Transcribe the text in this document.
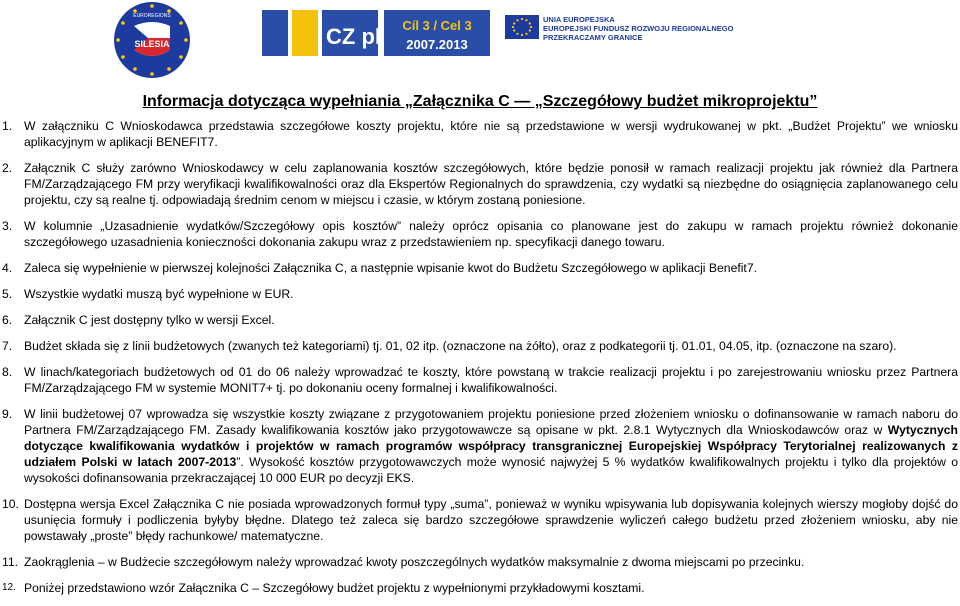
EUROREGIONS
SILESIA	CZ pl Cíl 3 / Cel 3
2007.2013
UNIA EUROPEJSKA
EUROPEJSKI FUNDUSZ ROZWOJU REGIONALNEGO
PRZEKRACZAMY GRANICE
Informacja dotycząca wypełniania „Załącznika C — „Szczegółowy budżet mikroprojektu”
1. W załączniku C Wnioskodawca przedstawia szczegółowe koszty projektu, które nie są przedstawione w wersji wydrukowanej w pkt. „Budżet Projektu” we wniosku aplikacyjnym w aplikacji BENEFIT7.
2. Załącznik C służy zarówno Wnioskodawcy w celu zaplanowania kosztów szczegółowych, które będzie ponosił w ramach realizacji projektu jak również dla Partnera FM/Zarządzającego FM przy weryfikacji kwalifikowalności oraz dla Ekspertów Regionalnych do sprawdzenia, czy wydatki są niezbędne do osiągnięcia zaplanowanego celu projektu, czy są realne tj. odpowiadają średnim cenom w miejscu i czasie, w którym zostaną poniesione.
3. W kolumnie „Uzasadnienie wydatków/Szczegółowy opis kosztów” należy oprócz opisania co planowane jest do zakupu w ramach projektu również dokonanie szczegółowego uzasadnienia konieczności dokonania zakupu wraz z przedstawieniem np. specyfikacji danego towaru.
4. Zaleca się wypełnienie w pierwszej kolejności Załącznika C, a następnie wpisanie kwot do Budżetu Szczegółowego w aplikacji Benefit7.
5. Wszystkie wydatki muszą być wypełnione w EUR.
6. Załącznik C jest dostępny tylko w wersji Excel.
7. Budżet składa się z linii budżetowych (zwanych też kategoriami) tj. 01, 02 itp. (oznaczone na żółto), oraz z podkategorii tj. 01.01, 04.05, itp. (oznaczone na szaro).
8. W linach/kategoriach budżetowych od 01 do 06 należy wprowadzać te koszty, które powstaną w trakcie realizacji projektu i po zarejestrowaniu wniosku przez Partnera FM/Zarządzającego FM w systemie MONIT7+ tj. po dokonaniu oceny formalnej i kwalifikowalności.
9. W linii budżetowej 07 wprowadza się wszystkie koszty związane z przygotowaniem projektu poniesione przed złożeniem wniosku o dofinansowanie w ramach naboru do Partnera FM/Zarządzającego FM. Zasady kwalifikowania kosztów jako przygotowawcze są opisane w pkt. 2.8.1 Wytycznych dla Wnioskodawców oraz w Wytycznych dotyczące kwalifikowania wydatków i projektów w ramach programów współpracy transgranicznej Europejskiej Współpracy Terytorialnej realizowanych z udziałem Polski w latach 2007-2013”. Wysokość kosztów przygotowawczych może wynosić najwyżej 5 % wydatków kwalifikowalnych projektu i tylko dla projektów o wysokości dofinansowania przekraczającej 10 000 EUR po decyzji EKS.
10. Dostępna wersja Excel Załącznika C nie posiada wprowadzonych formuł typy „suma”, ponieważ w wyniku wpisywania lub dopisywania kolejnych wierszy mogłoby dojść do usunięcia formuły i podliczenia byłyby błędne. Dlatego też zaleca się bardzo szczegółowe sprawdzenie wyliczeń całego budżetu przed złożeniem wniosku, aby nie powstawały „proste” błędy rachunkowe/ matematyczne.
11. Zaokrąglenia – w Budżecie szczegółowym należy wprowadzać kwoty poszczególnych wydatków maksymalnie z dwoma miejscami po przecinku.
12. Poniżej przedstawiono wzór Załącznika C – Szczegółowy budżet projektu z wypełnionymi przykładowymi kosztami.
